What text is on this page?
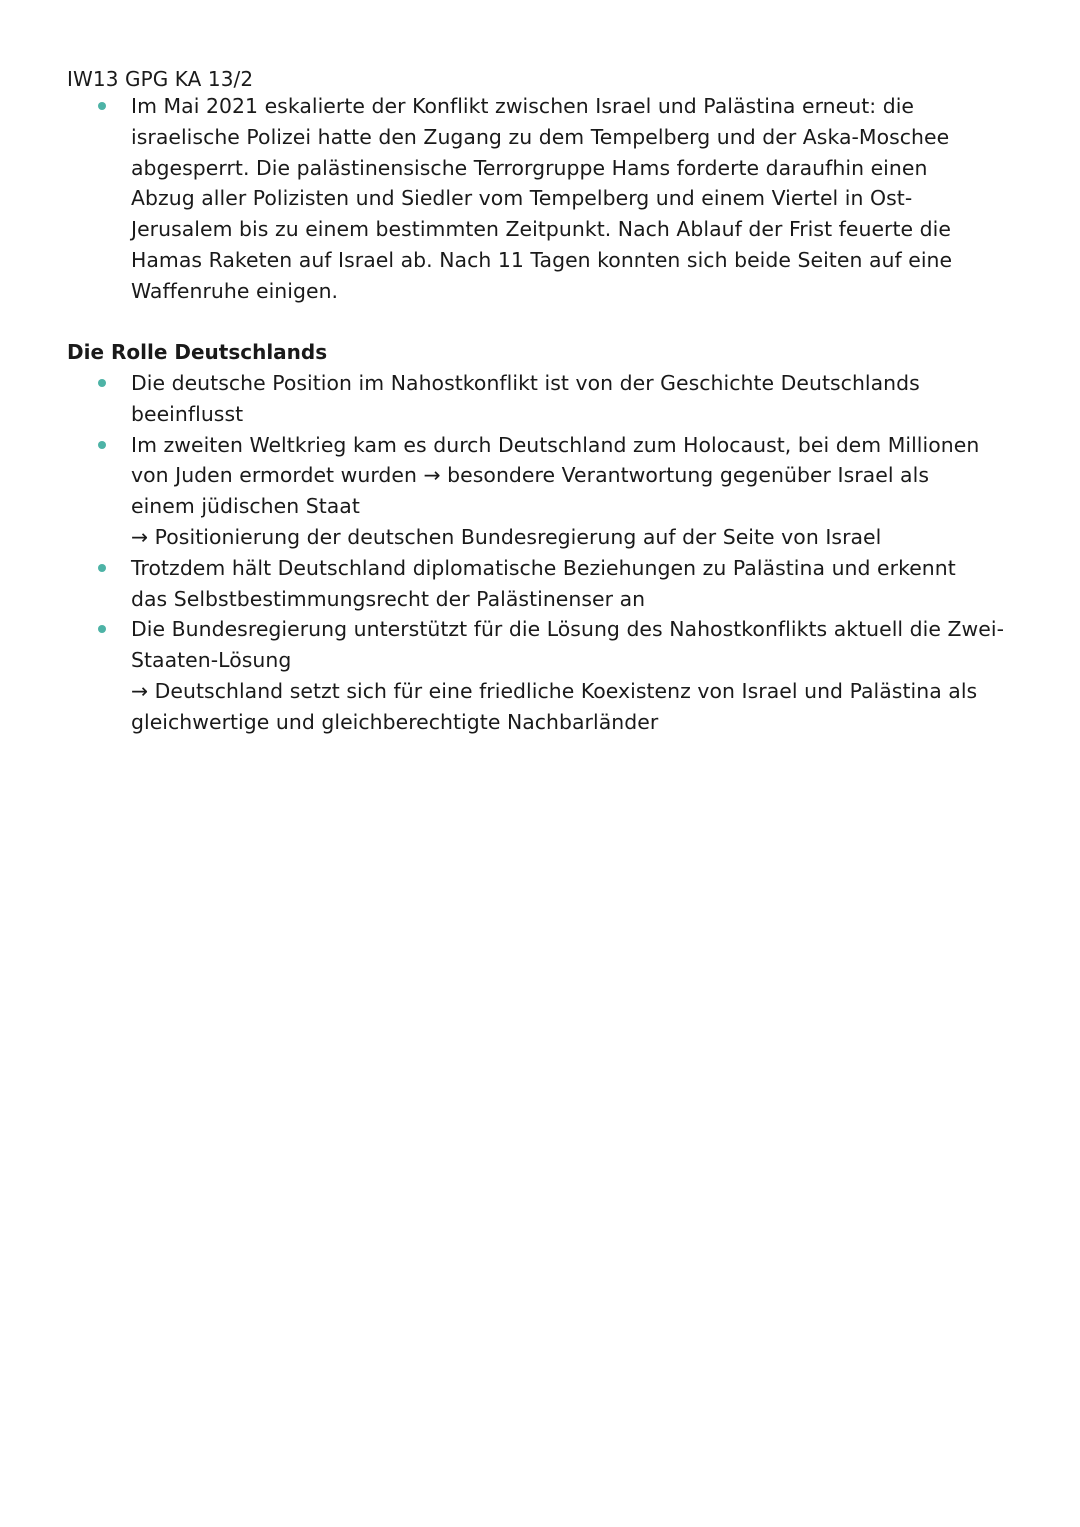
IW13 GPG KA 13/2
Im Mai 2021 eskalierte der Konflikt zwischen Israel und Palästina erneut: die
israelische Polizei hatte den Zugang zu dem Tempelberg und der Aska-Moschee
abgesperrt. Die palästinensische Terrorgruppe Hams forderte daraufhin einen
Abzug aller Polizisten und Siedler vom Tempelberg und einem Viertel in Ost-
Jerusalem bis zu einem bestimmten Zeitpunkt. Nach Ablauf der Frist feuerte die
Hamas Raketen auf Israel ab. Nach 11 Tagen konnten sich beide Seiten auf eine
Waffenruhe einigen.
Die Rolle Deutschlands
Die deutsche Position im Nahostkonflikt ist von der Geschichte Deutschlands
beeinflusst
Im zweiten Weltkrieg kam es durch Deutschland zum Holocaust, bei dem Millionen
von Juden ermordet wurden → besondere Verantwortung gegenüber Israel als
einem jüdischen Staat
→ Positionierung der deutschen Bundesregierung auf der Seite von Israel
Trotzdem hält Deutschland diplomatische Beziehungen zu Palästina und erkennt
das Selbstbestimmungsrecht der Palästinenser an
Die Bundesregierung unterstützt für die Lösung des Nahostkonflikts aktuell die Zwei-
Staaten-Lösung
→ Deutschland setzt sich für eine friedliche Koexistenz von Israel und Palästina als
gleichwertige und gleichberechtigte Nachbarländer
